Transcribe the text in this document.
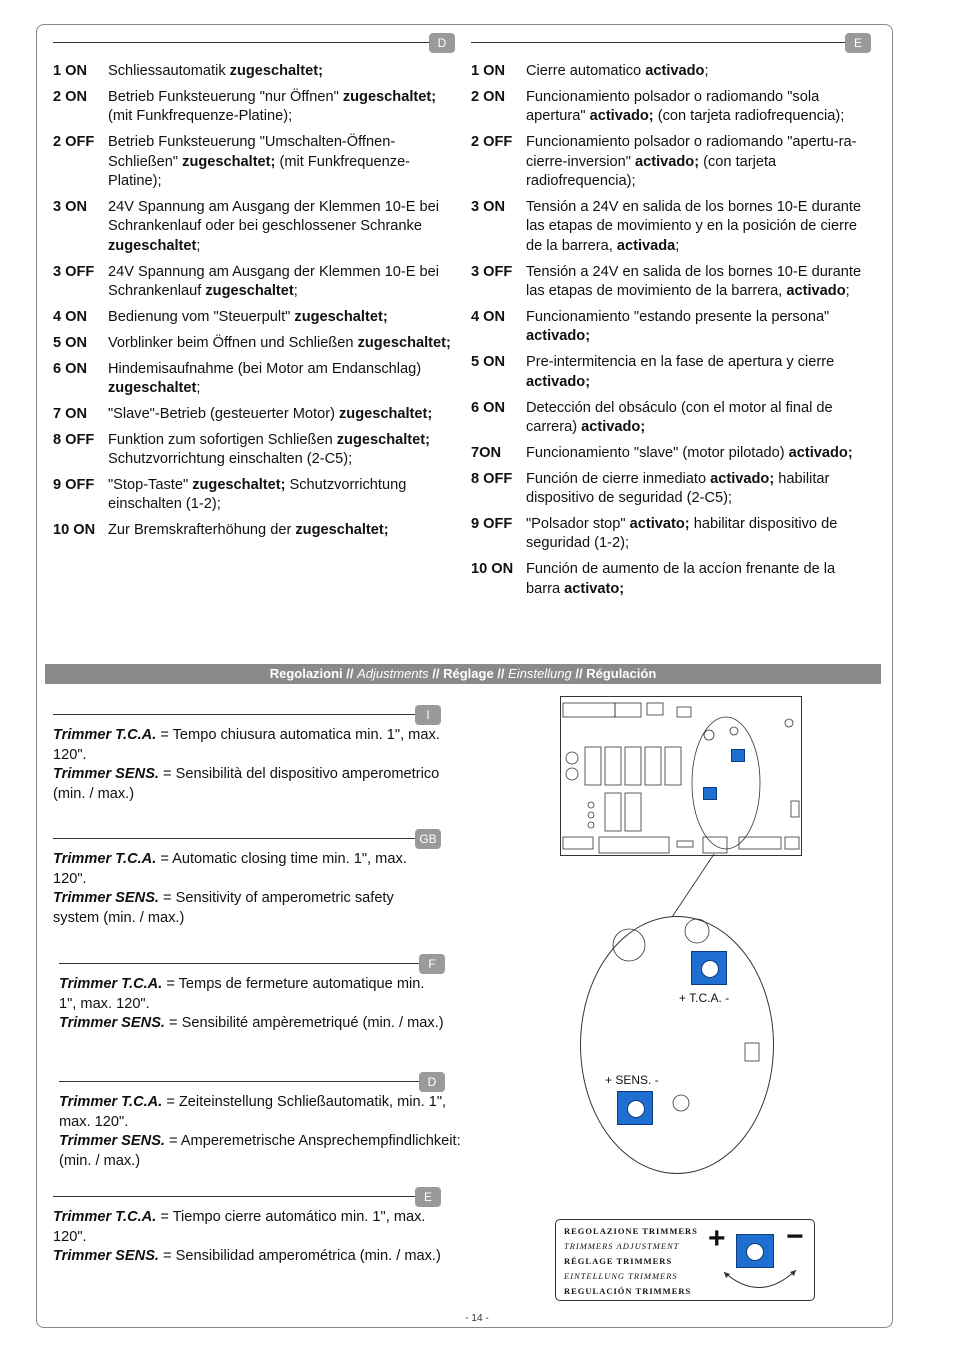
D
1 ON	Schliessautomatik zugeschaltet;
2 ON	Betrieb Funksteuerung "nur Öffnen" zugeschaltet; (mit Funkfrequenze-Platine);
2 OFF Betrieb Funksteuerung "Umschalten-Öffnen-Schließen" zugeschaltet; (mit Funkfrequenze-Platine);
3 ON	24V Spannung am Ausgang der Klemmen 10-E bei Schrankenlauf oder bei geschlossener Schranke zugeschaltet;
3 OFF 24V Spannung am Ausgang der Klemmen 10-E bei Schrankenlauf zugeschaltet;
4 ON	Bedienung vom "Steuerpult" zugeschaltet;
5 ON	Vorblinker beim Öffnen und Schließen zugeschaltet;
6 ON	Hindemisaufnahme (bei Motor am Endanschlag) zugeschaltet;
7 ON	"Slave"-Betrieb (gesteuerter Motor) zugeschaltet;
8 OFF Funktion zum sofortigen Schließen zugeschaltet; Schutzvorrichtung einschalten (2-C5);
9 OFF "Stop-Taste" zugeschaltet; Schutzvorrichtung einschalten (1-2);
10 ON Zur Bremskrafterhöhung der zugeschaltet;
E
1 ON	Cierre automatico activado;
2 ON	Funcionamiento polsador o radiomando "sola apertura" activado; (con tarjeta radiofrequencia);
2 OFF Funcionamiento polsador o radiomando "apertu-ra-cierre-inversion" activado; (con tarjeta radiofrequencia);
3 ON	Tensión a 24V en salida de los bornes 10-E durante las etapas de movimiento y en la posición de cierre de la barrera, activada;
3 OFF Tensión a 24V en salida de los bornes 10-E durante las etapas de movimiento de la barrera, activado;
4 ON	Funcionamiento "estando presente la persona" activado;
5 ON	Pre-intermitencia en la fase de apertura y cierre activado;
6 ON	Detección del obsáculo (con el motor al final de carrera) activado;
7ON	Funcionamiento "slave" (motor pilotado) activado;
8 OFF Función de cierre inmediato activado; habilitar dispositivo de seguridad (2-C5);
9 OFF "Polsador stop" activato; habilitar dispositivo de seguridad (1-2);
10 ON Función de aumento de la accíon frenante de la barra activato;
Regolazioni // Adjustments // Réglage // Einstellung // Régulación
I

Trimmer T.C.A. = Tempo chiusura automatica min. 1", max. 120".

Trimmer SENS. = Sensibilità del dispositivo amperometrico (min. / max.)

GB

Trimmer T.C.A. = Automatic closing time min. 1", max. 120".

Trimmer SENS. = Sensitivity of amperometric safety system (min. / max.)

F

Trimmer T.C.A. = Temps de fermeture automatique min. 1", max. 120".

Trimmer SENS. = Sensibilité ampèremetriqué (min. / max.)

D

Trimmer T.C.A. = Zeiteinstellung Schließautomatik, min. 1", max. 120".

Trimmer SENS. = Amperemetrische Ansprechempfindlichkeit: (min. / max.)

E

Trimmer T.C.A. = Tiempo cierre automático min. 1", max. 120".

Trimmer SENS. = Sensibilidad amperométrica (min. / max.)

+ T.C.A. -
+ SENS. -
REGOLAZIONE TRIMMERS
TRIMMERS ADJUSTMENT
RÉGLAGE TRIMMERS
EINTELLUNG TRIMMERS
REGULACIÓN TRIMMERS
+ −
- 14 -
